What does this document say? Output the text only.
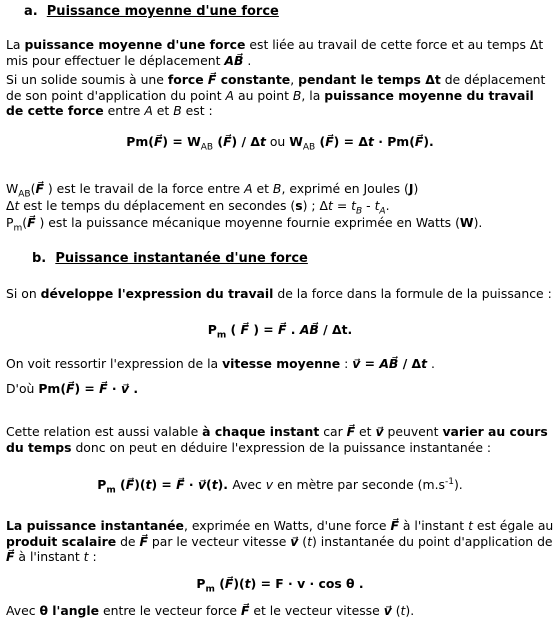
a. Puissance moyenne d'une force
La puissance moyenne d'une force est liée au travail de cette force et au temps Δt mis pour effectuer le déplacement AB⃗ .
Si un solide soumis à une force F⃗ constante, pendant le temps Δt de déplacement de son point d'application du point A au point B, la puissance moyenne du travail de cette force entre A et B est :
Pm(F⃗) = $W_{AB}$ (F⃗) / Δt ou $W_{AB}$ (F⃗) = Δt · Pm(F⃗).
$W_{AB}(F⃗$ ) est le travail de la force entre A et B, exprimé en Joules (J)
Δt est le temps du déplacement en secondes (s) ; $\Delta t = t_B - t_A$.
$P_m(F⃗$ ) est la puissance mécanique moyenne fournie exprimée en Watts (W).
b. Puissance instantanée d'une force
Si on développe l'expression du travail de la force dans la formule de la puissance :
$P_m$ ( F⃗ ) = F⃗ . AB⃗ / Δt.
On voit ressortir l'expression de la vitesse moyenne : v⃗ = AB⃗ / Δt .
D'où Pm(F⃗) = F⃗ · v⃗ .
Cette relation est aussi valable à chaque instant car F⃗ et v⃗ peuvent varier au cours du temps donc on peut en déduire l'expression de la puissance instantanée :
$P_m$ (F⃗)(t) = F⃗ · v⃗(t). Avec v en mètre par seconde $(m.s^{-1})$.
La puissance instantanée, exprimée en Watts, d'une force F⃗ à l'instant t est égale au produit scalaire de F⃗ par le vecteur vitesse v⃗ (t) instantanée du point d'application de F⃗ à l'instant t :
$P_m$ (F⃗)(t) = F · v · cos θ .
Avec θ l'angle entre le vecteur force F⃗ et le vecteur vitesse v⃗ (t).
